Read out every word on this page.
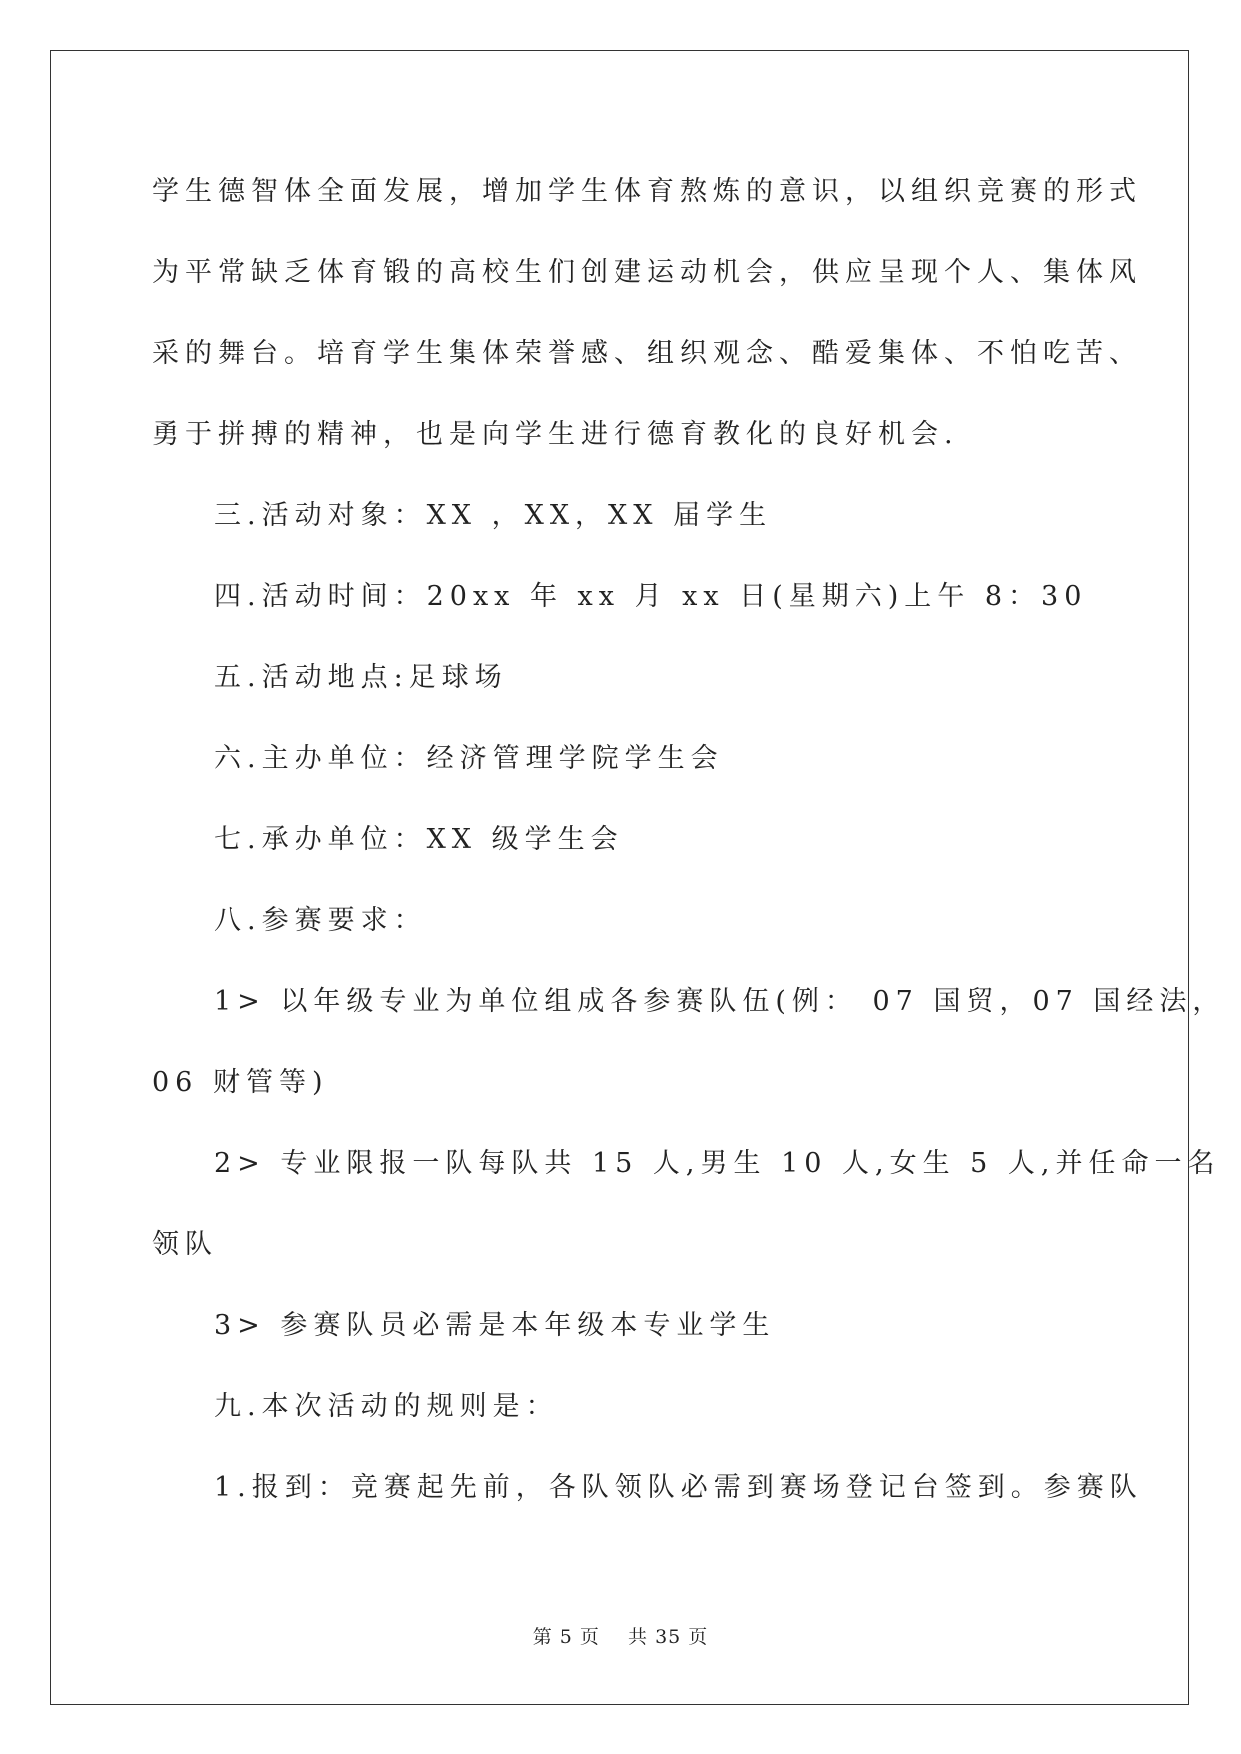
学生德智体全面发展，增加学生体育熬炼的意识，以组织竞赛的形式
为平常缺乏体育锻的高校生们创建运动机会，供应呈现个人、集体风
采的舞台。培育学生集体荣誉感、组织观念、酷爱集体、不怕吃苦、
勇于拼搏的精神，也是向学生进行德育教化的良好机会.
三.活动对象：XX ，XX，XX 届学生
四.活动时间：20xx 年 xx 月 xx 日(星期六)上午 8：30
五.活动地点:足球场
六.主办单位：经济管理学院学生会
七.承办单位：XX 级学生会
八.参赛要求：
1> 以年级专业为单位组成各参赛队伍(例： 07 国贸，07 国经法，
06 财管等)
2> 专业限报一队每队共 15 人,男生 10 人,女生 5 人,并任命一名
领队
3> 参赛队员必需是本年级本专业学生
九.本次活动的规则是：
1.报到：竞赛起先前，各队领队必需到赛场登记台签到。参赛队
第 5 页    共 35 页
